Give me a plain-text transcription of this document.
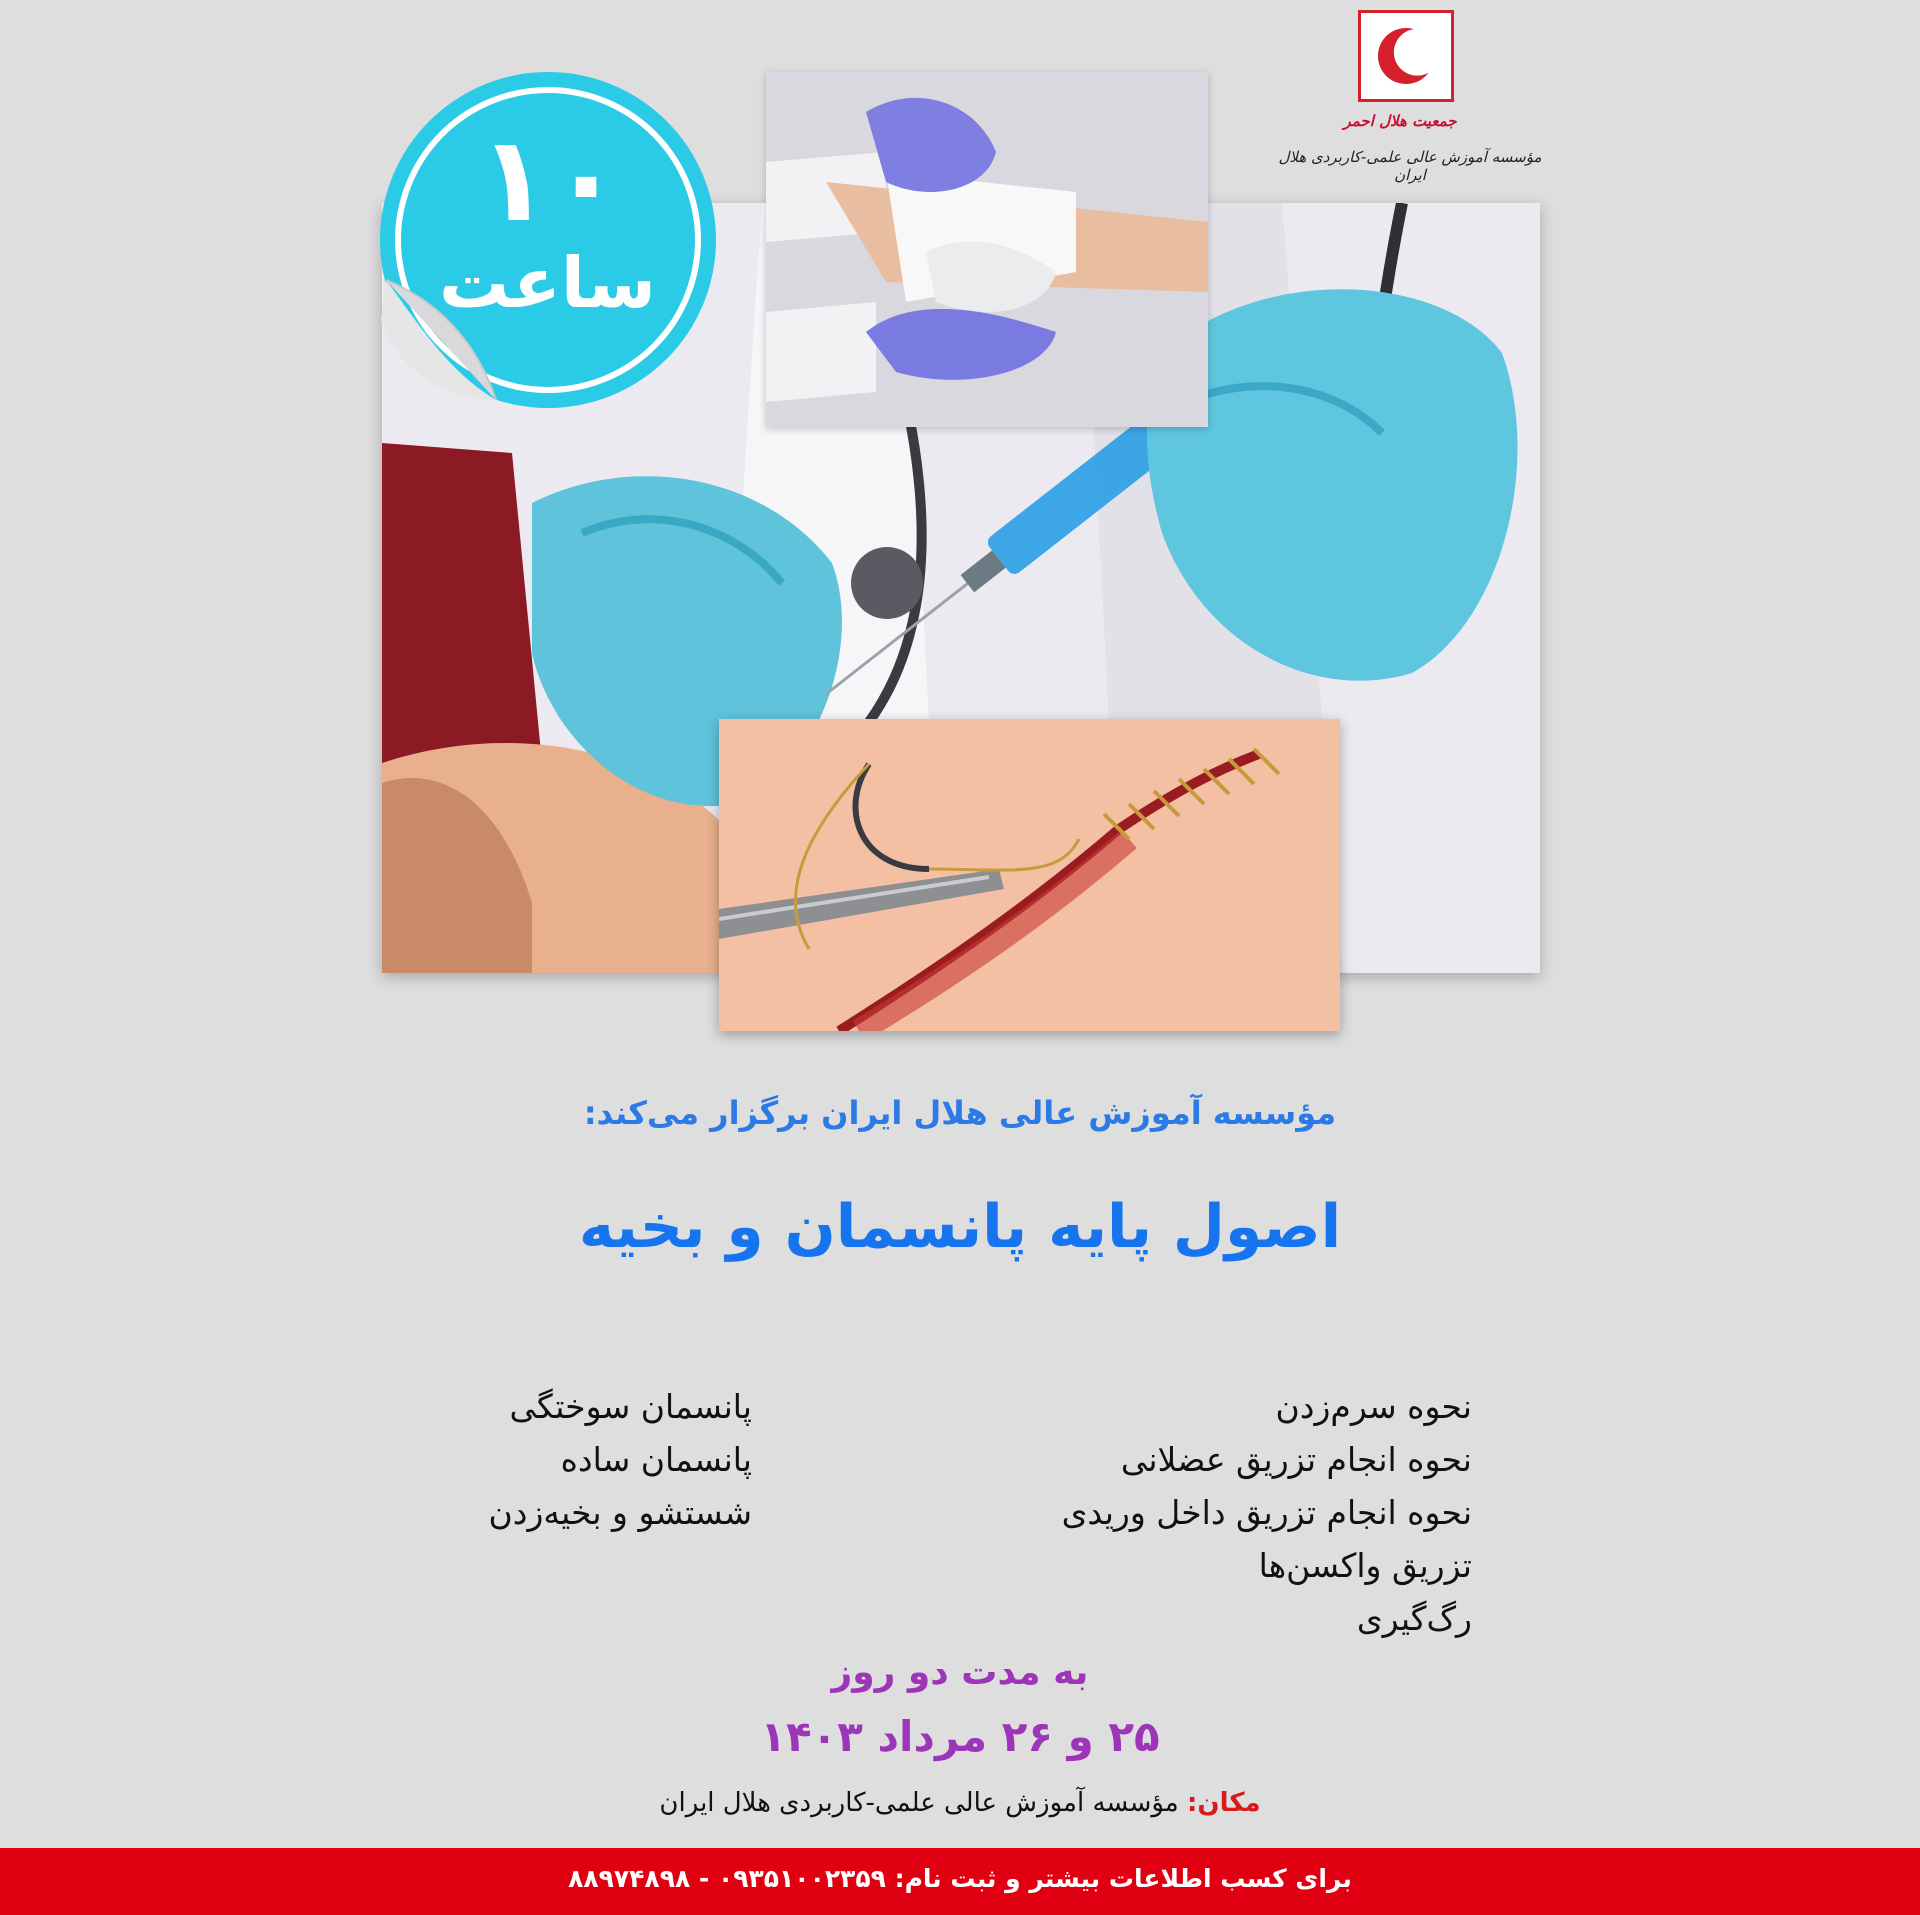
جمعیت هلال احمر
مؤسسه آموزش عالی علمی-کاربردی هلال ایران
۱۰
ساعت
مؤسسه آموزش عالی هلال ایران برگزار می‌کند:
اصول پایه پانسمان و بخیه
نحوه سرم‌زدن
نحوه انجام تزریق عضلانی
نحوه انجام تزریق داخل وریدی
تزریق واکسن‌ها
رگ‌گیری
پانسمان سوختگی
پانسمان ساده
شستشو و بخیه‌زدن
به مدت دو روز
۲۵ و ۲۶ مرداد ۱۴۰۳
مکان: مؤسسه آموزش عالی علمی-کاربردی هلال ایران
برای کسب اطلاعات بیشتر و ثبت نام: ۰۹۳۵۱۰۰۲۳۵۹ - ۸۸۹۷۴۸۹۸
